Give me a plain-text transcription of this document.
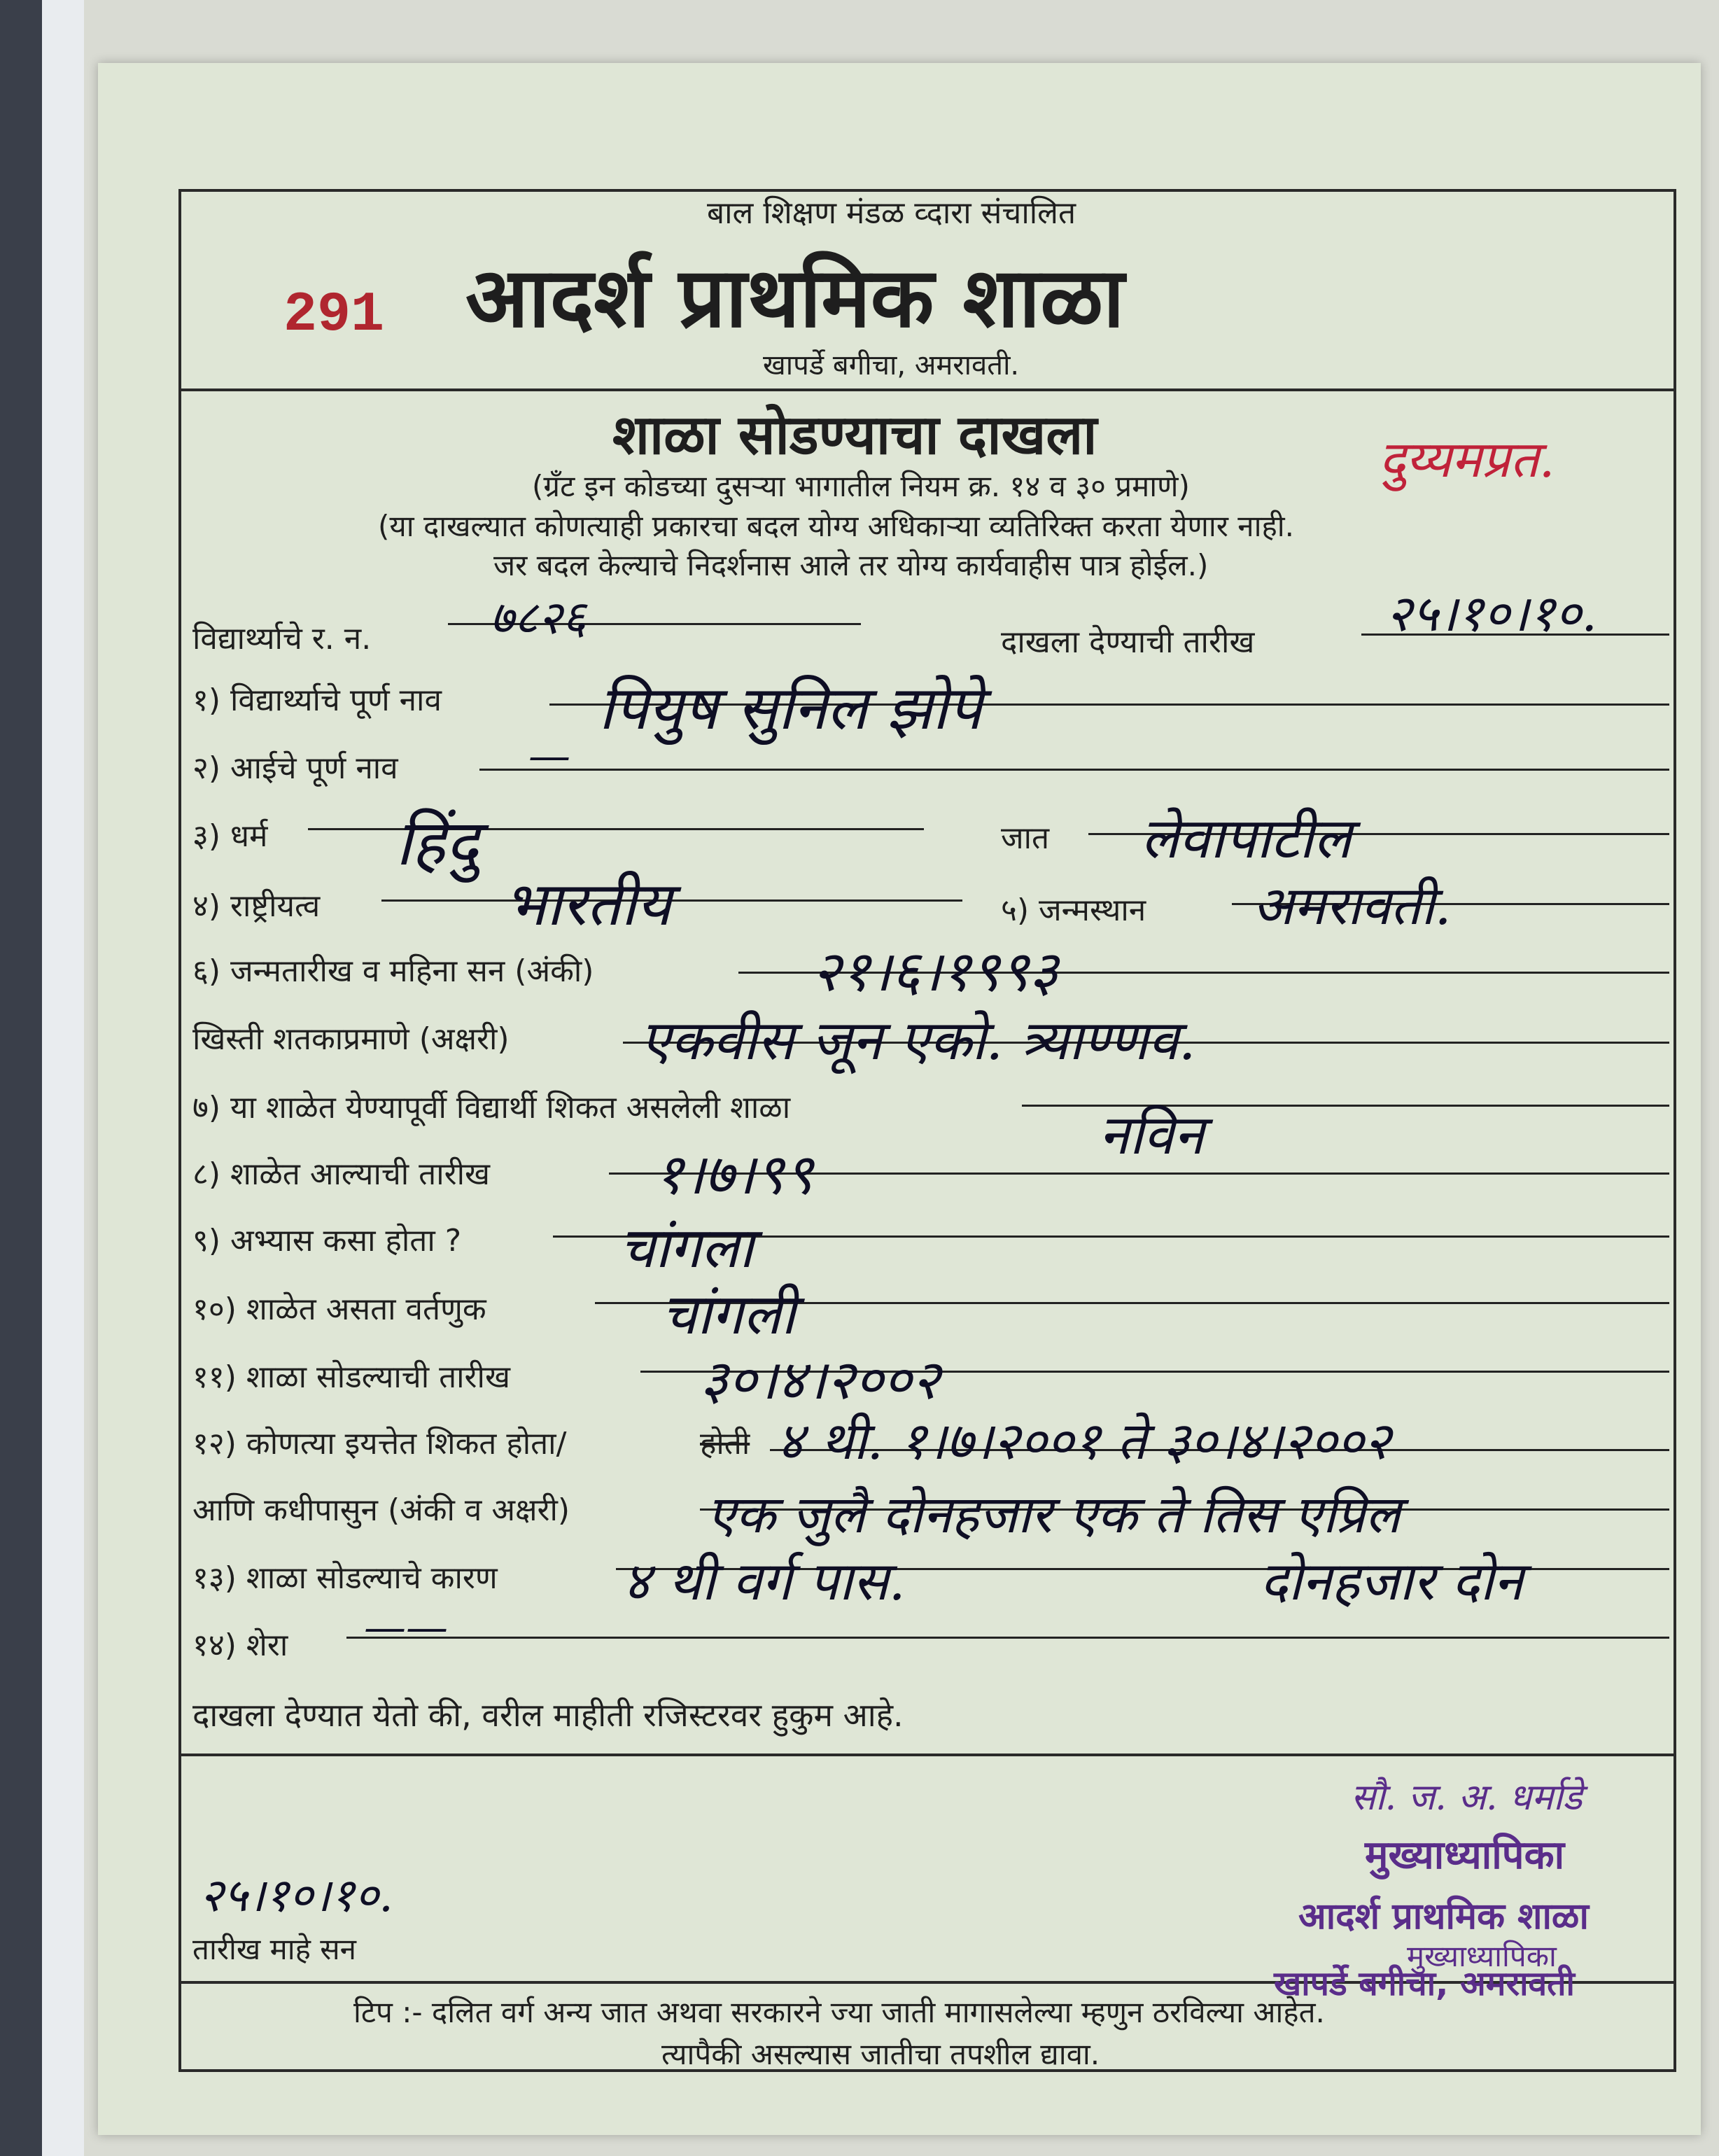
बाल शिक्षण मंडळ व्दारा संचालित
आदर्श प्राथमिक शाळा
खापर्डे बगीचा, अमरावती.
291
शाळा सोडण्याचा दाखला	दुय्यमप्रत.
(ग्रँट इन कोडच्या दुसऱ्या भागातील नियम क्र. १४ व ३० प्रमाणे)
(या दाखल्यात कोणत्याही प्रकारचा बदल योग्य अधिकाऱ्या व्यतिरिक्त करता येणार नाही.
जर बदल केल्याचे निदर्शनास आले तर योग्य कार्यवाहीस पात्र होईल.)
विद्यार्थ्याचे र. न.	७८२६	दाखला देण्याची तारीख	२५।१०।१०.
१) विद्यार्थ्याचे पूर्ण नाव	पियुष सुनिल झोपे
२) आईचे पूर्ण नाव	—
३) धर्म हिंदु	जात लेवापाटील
४) राष्ट्रीयत्व	भारतीय	५) जन्मस्थान अमरावती.
६) जन्मतारीख व महिना सन (अंकी)	२१।६।१९९३
खिस्ती शतकाप्रमाणे (अक्षरी) एकवीस जून एको. त्र्याण्णव.
७) या शाळेत येण्यापूर्वी विद्यार्थी शिकत असलेली शाळा	नविन
८) शाळेत आल्याची तारीख	१।७।९९
९) अभ्यास कसा होता ?	चांगला
१०) शाळेत असता वर्तणुक	चांगली
११) शाळा सोडल्याची तारीख	३०।४।२००२
१२) कोणत्या इयत्तेत शिकत होता/	होती ४ थी. १।७।२००१ ते ३०।४।२००२
आणि कधीपासुन (अंकी व अक्षरी)	एक जुलै दोनहजार एक ते तिस एप्रिल
१३) शाळा सोडल्याचे कारण ४ थी वर्ग पास.	दोनहजार दोन
१४) शेरा ——
दाखला देण्यात येतो की, वरील माहीती रजिस्टरवर हुकुम आहे.
२५।१०।१०.
तारीख माहे सन
सौ. ज. अ. धर्माडे
मुख्याध्यापिका
आदर्श प्राथमिक शाळा
मुख्याध्यापिका
खापर्डे बगीचा, अमरावती
टिप :- दलित वर्ग अन्य जात अथवा सरकारने ज्या जाती मागासलेल्या म्हणुन ठरविल्या आहेत.
त्यापैकी असल्यास जातीचा तपशील द्यावा.
